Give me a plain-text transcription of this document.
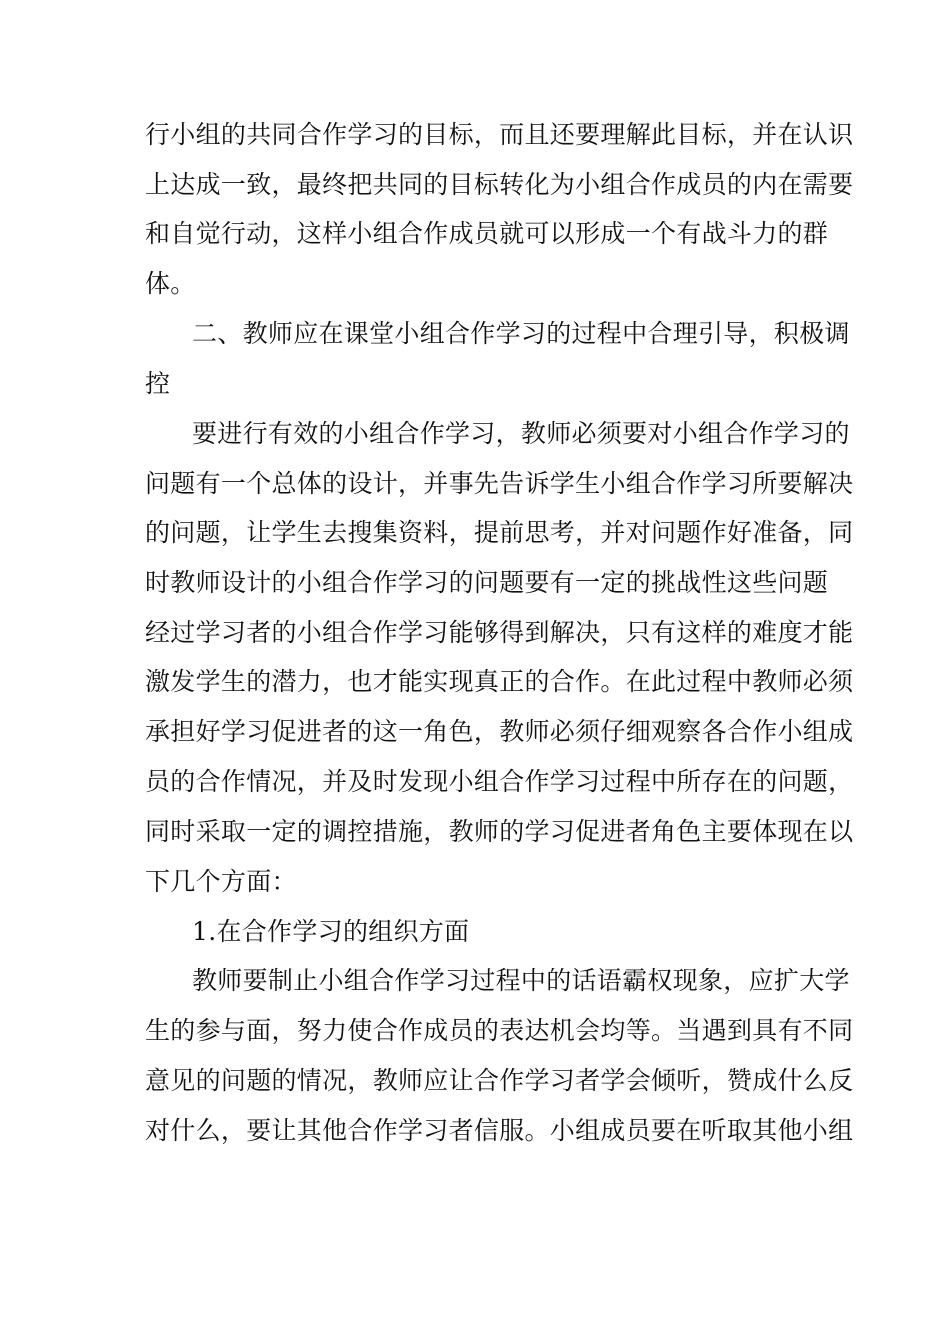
行小组的共同合作学习的目标，而且还要理解此目标，并在认识
上达成一致，最终把共同的目标转化为小组合作成员的内在需要
和自觉行动，这样小组合作成员就可以形成一个有战斗力的群
体。
二、教师应在课堂小组合作学习的过程中合理引导，积极调
控
要进行有效的小组合作学习，教师必须要对小组合作学习的
问题有一个总体的设计，并事先告诉学生小组合作学习所要解决
的问题，让学生去搜集资料，提前思考，并对问题作好准备，同
时教师设计的小组合作学习的问题要有一定的挑战性这些问题
经过学习者的小组合作学习能够得到解决，只有这样的难度才能
激发学生的潜力，也才能实现真正的合作。在此过程中教师必须
承担好学习促进者的这一角色，教师必须仔细观察各合作小组成
员的合作情况，并及时发现小组合作学习过程中所存在的问题，
同时采取一定的调控措施，教师的学习促进者角色主要体现在以
下几个方面：
1.在合作学习的组织方面
教师要制止小组合作学习过程中的话语霸权现象，应扩大学
生的参与面，努力使合作成员的表达机会均等。当遇到具有不同
意见的问题的情况，教师应让合作学习者学会倾听，赞成什么反
对什么，要让其他合作学习者信服。小组成员要在听取其他小组
